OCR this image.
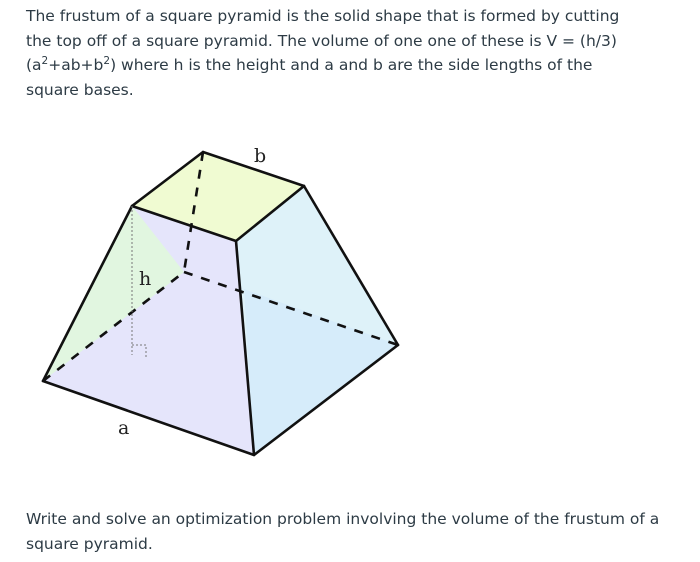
The frustum of a square pyramid is the solid shape that is formed by cutting the top off of a square pyramid. The volume of one one of these is V = (h/3)
$(a^2+ab+b^2)$ where h is the height and a and b are the side lengths of the square bases.
b
h
a
Write and solve an optimization problem involving the volume of the frustum of a square pyramid.
